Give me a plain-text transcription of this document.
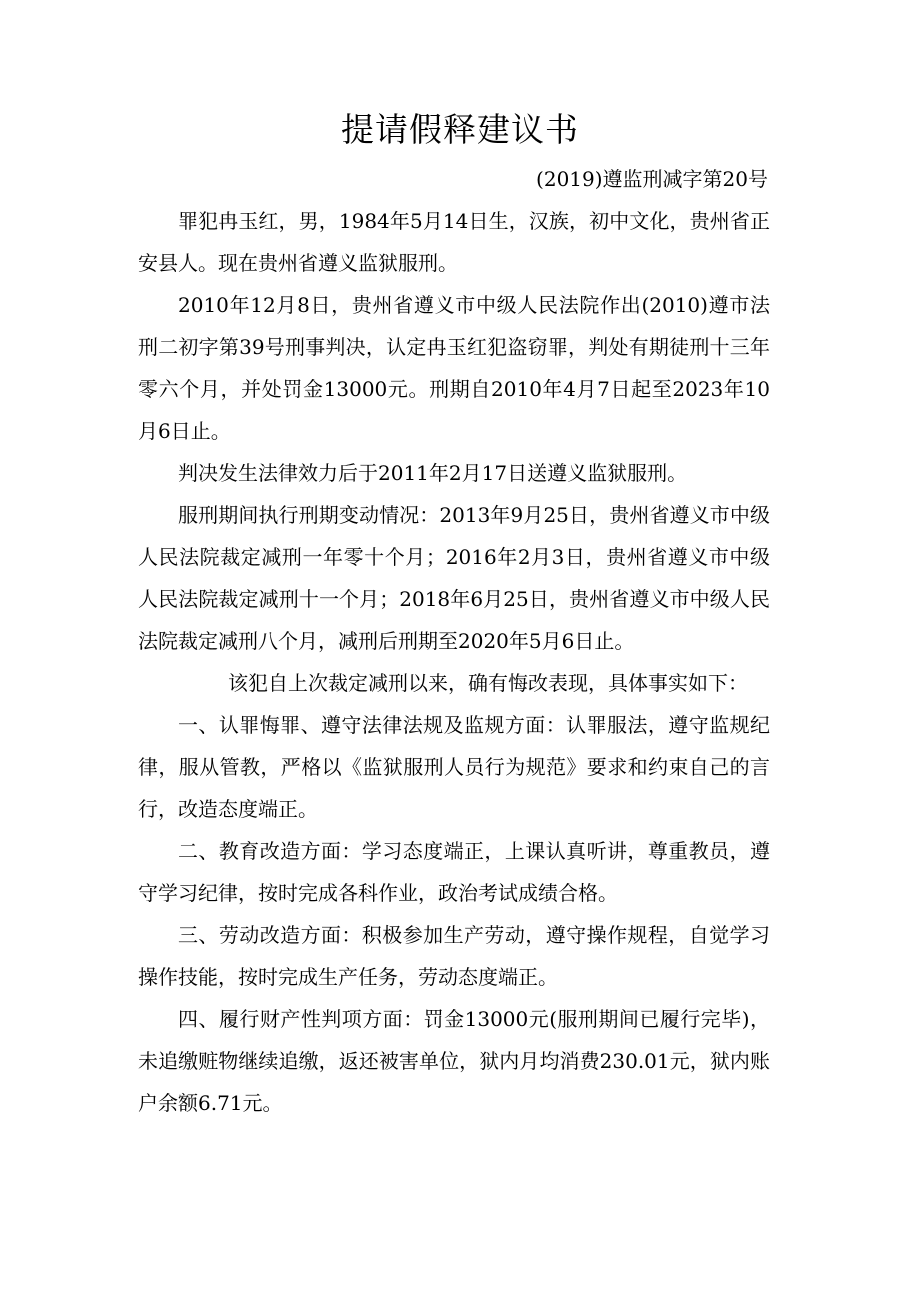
提请假释建议书
(2019)遵监刑减字第20号

罪犯冉玉红，男，1984年5月14日生，汉族，初中文化，贵州省正安县人。现在贵州省遵义监狱服刑。

2010年12月8日，贵州省遵义市中级人民法院作出(2010)遵市法刑二初字第39号刑事判决，认定冉玉红犯盗窃罪，判处有期徒刑十三年零六个月，并处罚金13000元。刑期自2010年4月7日起至2023年10月6日止。

判决发生法律效力后于2011年2月17日送遵义监狱服刑。

服刑期间执行刑期变动情况：2013年9月25日，贵州省遵义市中级人民法院裁定减刑一年零十个月；2016年2月3日，贵州省遵义市中级人民法院裁定减刑十一个月；2018年6月25日，贵州省遵义市中级人民法院裁定减刑八个月，减刑后刑期至2020年5月6日止。

该犯自上次裁定减刑以来，确有悔改表现，具体事实如下：

一、认罪悔罪、遵守法律法规及监规方面：认罪服法，遵守监规纪律，服从管教，严格以《监狱服刑人员行为规范》要求和约束自己的言行，改造态度端正。

二、教育改造方面：学习态度端正，上课认真听讲，尊重教员，遵守学习纪律，按时完成各科作业，政治考试成绩合格。

三、劳动改造方面：积极参加生产劳动，遵守操作规程，自觉学习操作技能，按时完成生产任务，劳动态度端正。

四、履行财产性判项方面：罚金13000元(服刑期间已履行完毕)，未追缴赃物继续追缴，返还被害单位，狱内月均消费230.01元，狱内账户余额6.71元。
